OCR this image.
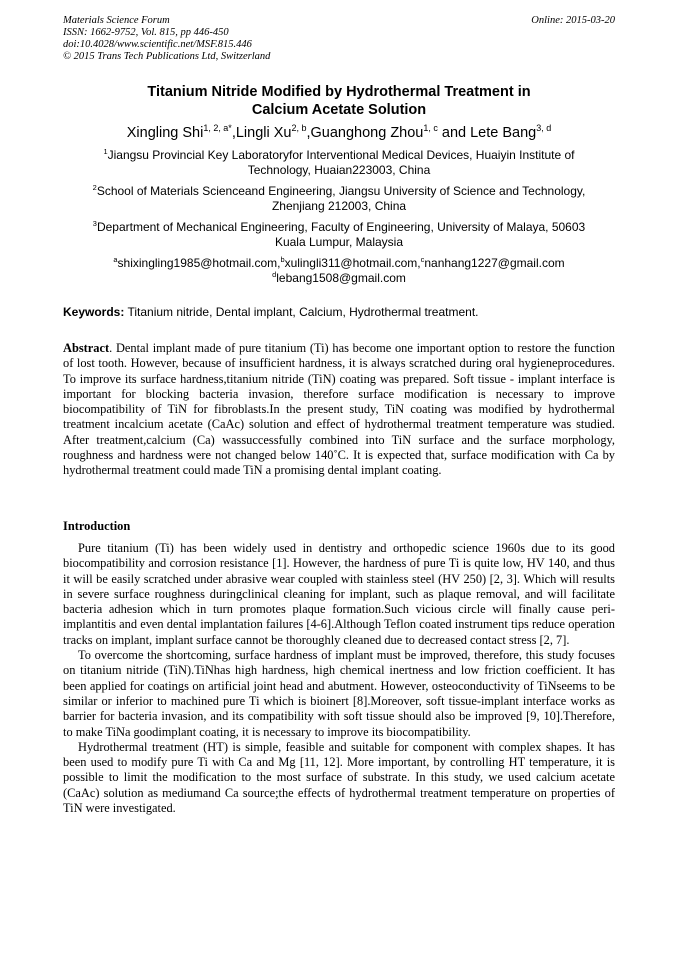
Materials Science Forum
ISSN: 1662-9752, Vol. 815, pp 446-450
doi:10.4028/www.scientific.net/MSF.815.446
© 2015 Trans Tech Publications Ltd, Switzerland
Online: 2015-03-20
Titanium Nitride Modified by Hydrothermal Treatment in
Calcium Acetate Solution
Xingling Shi$^{1, 2, a*}$,Lingli Xu$^{2, b}$,Guanghong Zhou$^{1, c}$ and Lete Bang$^{3, d}$
$^1$Jiangsu Provincial Key Laboratoryfor Interventional Medical Devices, Huaiyin Institute of
Technology, Huaian223003, China
$^2$School of Materials Scienceand Engineering, Jiangsu University of Science and Technology,
Zhenjiang 212003, China
$^3$Department of Mechanical Engineering, Faculty of Engineering, University of Malaya, 50603
Kuala Lumpur, Malaysia
$^a$shixingling1985@hotmail.com,$^b$xulingli311@hotmail.com,$^c$nanhang1227@gmail.com
$^d$lebang1508@gmail.com
Keywords: Titanium nitride, Dental implant, Calcium, Hydrothermal treatment.

Abstract. Dental implant made of pure titanium (Ti) has become one important option to restore the function of lost tooth. However, because of insufficient hardness, it is always scratched during oral hygieneprocedures. To improve its surface hardness,titanium nitride (TiN) coating was prepared. Soft tissue - implant interface is important for blocking bacteria invasion, therefore surface modification is necessary to improve biocompatibility of TiN for fibroblasts.In the present study, TiN coating was modified by hydrothermal treatment incalcium acetate (CaAc) solution and effect of hydrothermal treatment temperature was studied. After treatment,calcium (Ca) wassuccessfully combined into TiN surface and the surface morphology, roughness and hardness were not changed below 140˚C. It is expected that, surface modification with Ca by hydrothermal treatment could made TiN a promising dental implant coating.

Introduction

Pure titanium (Ti) has been widely used in dentistry and orthopedic science 1960s due to its good biocompatibility and corrosion resistance [1]. However, the hardness of pure Ti is quite low, HV 140, and thus it will be easily scratched under abrasive wear coupled with stainless steel (HV 250) [2, 3]. Which will results in severe surface roughness duringclinical cleaning for implant, such as plaque removal, and will facilitate bacteria adhesion which in turn promotes plaque formation.Such vicious circle will finally cause peri-implantitis and even dental implantation failures [4-6].Although Teflon coated instrument tips reduce operation tracks on implant, implant surface cannot be thoroughly cleaned due to decreased contact stress [2, 7].

To overcome the shortcoming, surface hardness of implant must be improved, therefore, this study focuses on titanium nitride (TiN).TiNhas high hardness, high chemical inertness and low friction coefficient. It has been applied for coatings on artificial joint head and abutment. However, osteoconductivity of TiNseems to be similar or inferior to machined pure Ti which is bioinert [8].Moreover, soft tissue-implant interface works as barrier for bacteria invasion, and its compatibility with soft tissue should also be improved [9, 10].Therefore, to make TiNa goodimplant coating, it is necessary to improve its biocompatibility.

Hydrothermal treatment (HT) is simple, feasible and suitable for component with complex shapes. It has been used to modify pure Ti with Ca and Mg [11, 12]. More important, by controlling HT temperature, it is possible to limit the modification to the most surface of substrate. In this study, we used calcium acetate (CaAc) solution as mediumand Ca source;the effects of hydrothermal treatment temperature on properties of TiN were investigated.
